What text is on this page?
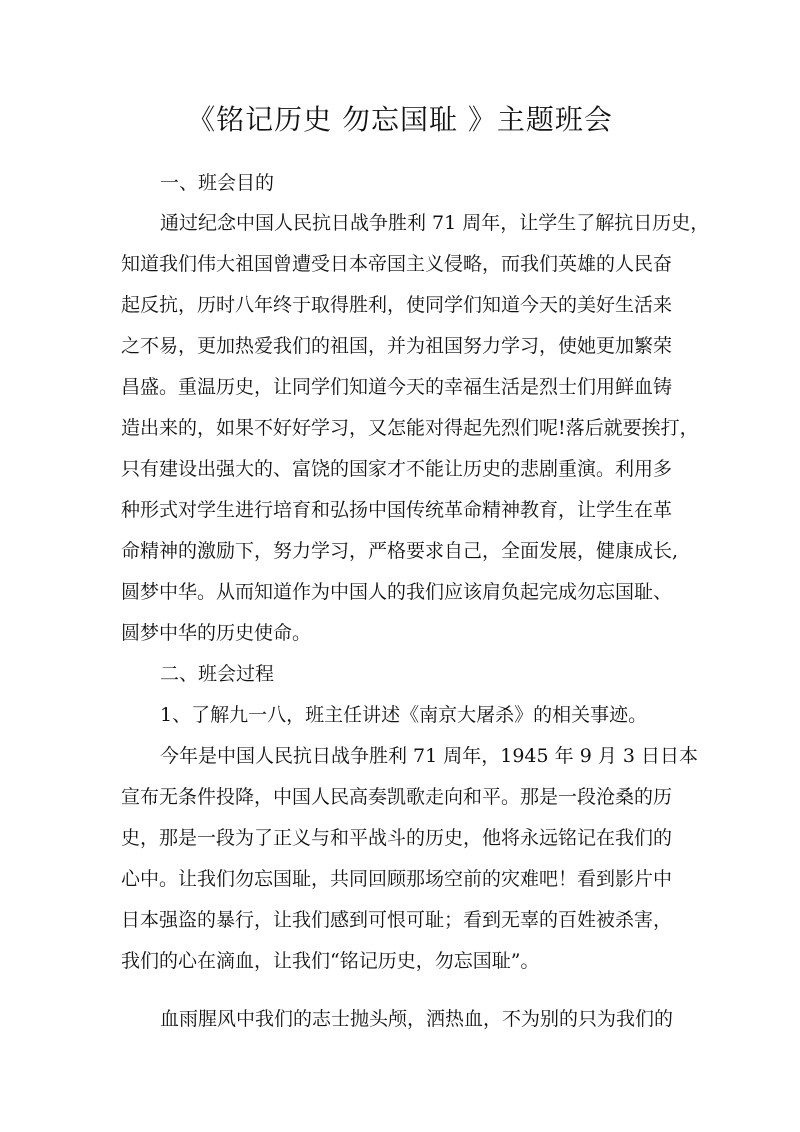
《铭记历史 勿忘国耻 》主题班会
一、班会目的
通过纪念中国人民抗日战争胜利 71 周年，让学生了解抗日历史，
知道我们伟大祖国曾遭受日本帝国主义侵略，而我们英雄的人民奋
起反抗，历时八年终于取得胜利，使同学们知道今天的美好生活来
之不易，更加热爱我们的祖国，并为祖国努力学习，使她更加繁荣
昌盛。重温历史，让同学们知道今天的幸福生活是烈士们用鲜血铸
造出来的，如果不好好学习，又怎能对得起先烈们呢!落后就要挨打，
只有建设出强大的、富饶的国家才不能让历史的悲剧重演。利用多
种形式对学生进行培育和弘扬中国传统革命精神教育，让学生在革
命精神的激励下，努力学习，严格要求自己，全面发展，健康成长,
圆梦中华。从而知道作为中国人的我们应该肩负起完成勿忘国耻、
圆梦中华的历史使命。
二、班会过程
1、了解九一八，班主任讲述《南京大屠杀》的相关事迹。
今年是中国人民抗日战争胜利 71 周年，1945 年 9 月 3 日日本
宣布无条件投降，中国人民高奏凯歌走向和平。那是一段沧桑的历
史，那是一段为了正义与和平战斗的历史，他将永远铭记在我们的
心中。让我们勿忘国耻，共同回顾那场空前的灾难吧！看到影片中
日本强盗的暴行，让我们感到可恨可耻；看到无辜的百姓被杀害，
我们的心在滴血，让我们“铭记历史，勿忘国耻”。
血雨腥风中我们的志士抛头颅，洒热血，不为别的只为我们的
